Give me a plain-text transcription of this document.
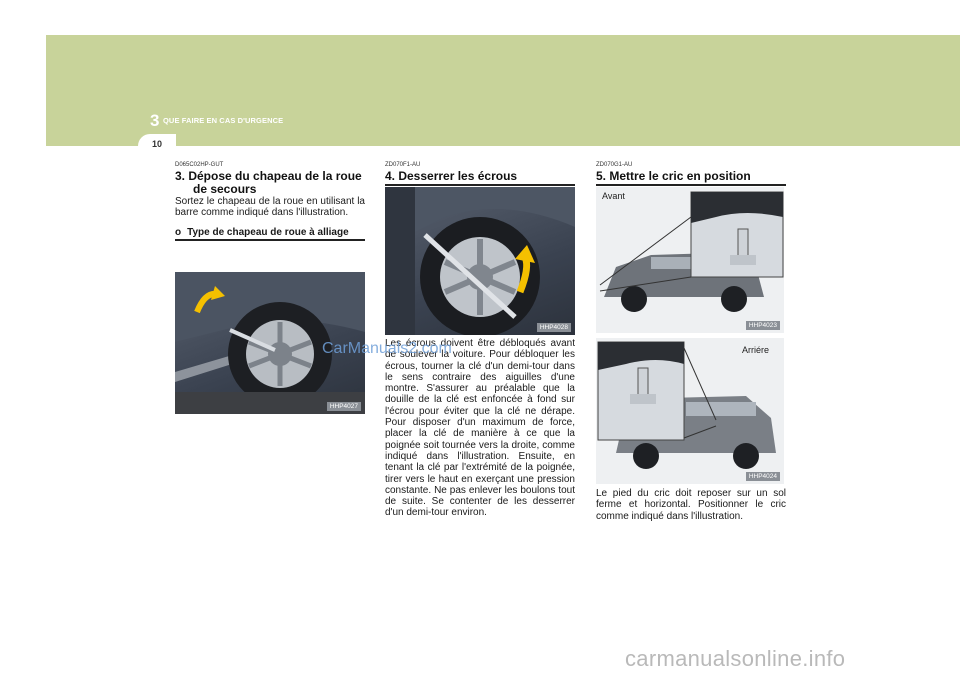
3 QUE FAIRE EN CAS D'URGENCE
10
D065C02HP-GUT
3. Dépose du chapeau de la roue
de secours

Sortez le chapeau de la roue en utilisant la barre comme indiqué dans l'illustration.

o Type de chapeau de roue à alliage
HHP4027
ZD070F1-AU
4. Desserrer les écrous
HHP4028

Les écrous doivent être débloqués avant de soulever la voiture. Pour débloquer les écrous, tourner la clé d'un demi-tour dans le sens contraire des aiguilles d'une montre. S'assurer au préalable que la douille de la clé est enfoncée à fond sur l'écrou pour éviter que la clé ne dérape. Pour disposer d'un maximum de force, placer la clé de manière à ce que la poignée soit tournée vers la droite, comme indiqué dans l'illustration. Ensuite, en tenant la clé par l'extrémité de la poignée, tirer vers le haut en exerçant une pression constante. Ne pas enlever les boulons tout de suite. Se contenter de les desserrer d'un demi-tour environ.

ZD070G1-AU
5. Mettre le cric en position
Avant
HHP4023
Arriére
HHP4024

Le pied du cric doit reposer sur un sol ferme et horizontal. Positionner le cric comme indiqué dans l'illustration.

CarManuals2.com
carmanualsonline.info
